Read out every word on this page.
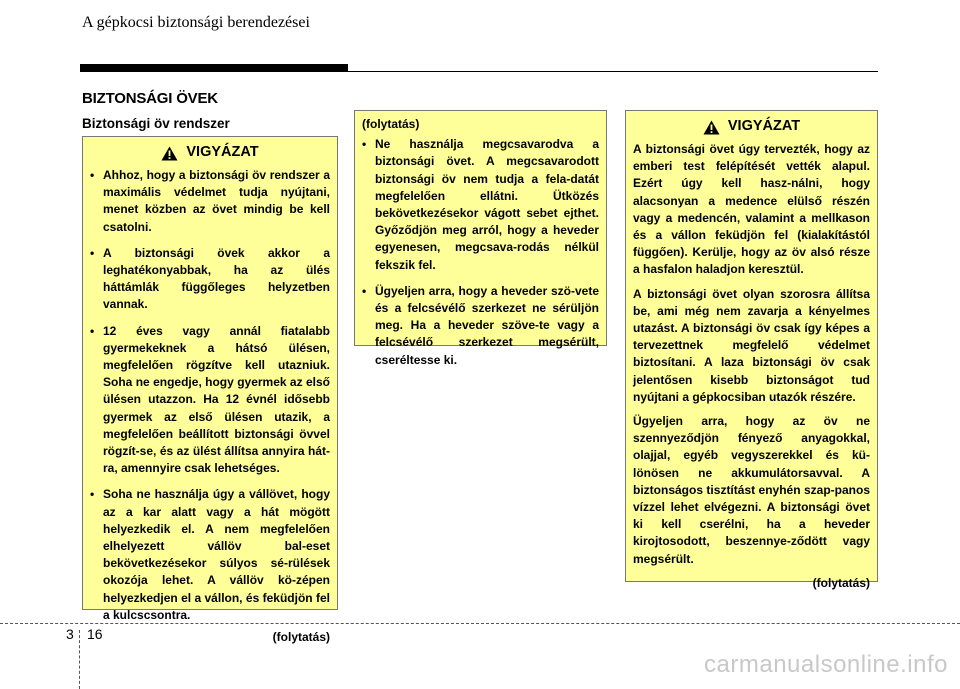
A gépkocsi biztonsági berendezései
BIZTONSÁGI ÖVEK
Biztonsági öv rendszer
VIGYÁZAT
• Ahhoz, hogy a biztonsági öv rendszer a maximális védelmet tudja nyújtani, menet közben az övet mindig be kell csatolni.
• A biztonsági övek akkor a leghatékonyabbak, ha az ülés háttámlák függőleges helyzetben vannak.
• 12 éves vagy annál fiatalabb gyermekeknek a hátsó ülésen, megfelelően rögzítve kell utazniuk. Soha ne engedje, hogy gyermek az első ülésen utazzon. Ha 12 évnél idősebb gyermek az első ülésen utazik, a megfelelően beállított biztonsági övvel rögzít-se, és az ülést állítsa annyira hát-ra, amennyire csak lehetséges.
• Soha ne használja úgy a vállövet, hogy az a kar alatt vagy a hát mögött helyezkedik el. A nem megfelelően elhelyezett vállöv bal-eset bekövetkezésekor súlyos sé-rülések okozója lehet. A vállöv kö-zépen helyezkedjen el a vállon, és feküdjön fel a kulcscsontra.
(folytatás)
(folytatás)
• Ne használja megcsavarodva a biztonsági övet. A megcsavarodott biztonsági öv nem tudja a fela-datát megfelelően ellátni. Ütközés bekövetkezésekor vágott sebet ejthet. Győződjön meg arról, hogy a heveder egyenesen, megcsava-rodás nélkül fekszik fel.
• Ügyeljen arra, hogy a heveder szö-vete és a felcsévélő szerkezet ne sérüljön meg. Ha a heveder szöve-te vagy a felcsévélő szerkezet megsérült, cseréltesse ki.
VIGYÁZAT

A biztonsági övet úgy tervezték, hogy az emberi test felépítését vették alapul. Ezért úgy kell hasz-nálni, hogy alacsonyan a medence elülső részén vagy a medencén, valamint a mellkason és a vállon feküdjön fel (kialakítástól függően). Kerülje, hogy az öv alsó része a hasfalon haladjon keresztül.

A biztonsági övet olyan szorosra állítsa be, ami még nem zavarja a kényelmes utazást. A biztonsági öv csak így képes a tervezettnek megfelelő védelmet biztosítani. A laza biztonsági öv csak jelentősen kisebb biztonságot tud nyújtani a gépkocsiban utazók részére.

Ügyeljen arra, hogy az öv ne szennyeződjön fényező anyagokkal, olajjal, egyéb vegyszerekkel és kü-lönösen ne akkumulátorsavval. A biztonságos tisztítást enyhén szap-panos vízzel lehet elvégezni. A biztonsági övet ki kell cserélni, ha a heveder kirojtosodott, beszennye-ződött vagy megsérült.

(folytatás)
3 16
carmanualsonline.info
